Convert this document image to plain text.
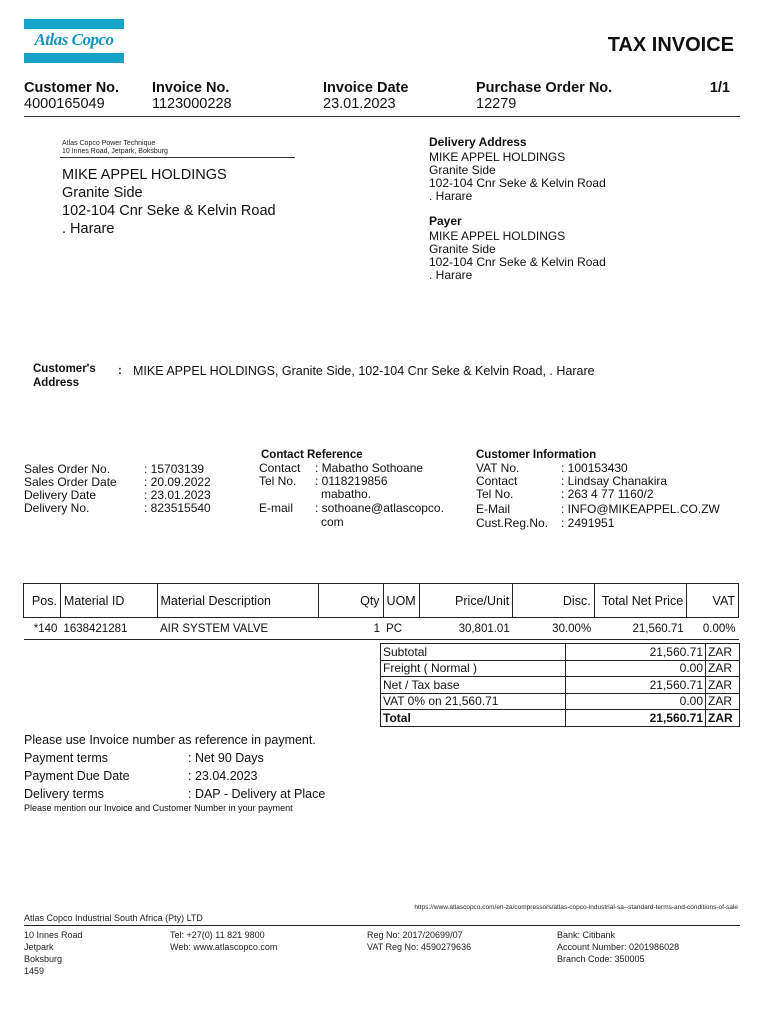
Atlas Copco	TAX INVOICE
1/1
Customer No.
4000165049
Invoice No.
1123000228
Invoice Date
23.01.2023
Purchase Order No.
12279
Atlas Copco Power Technique
10 Innes Road, Jetpark, Boksburg
MIKE APPEL HOLDINGS
Granite Side
102-104 Cnr Seke & Kelvin Road
. Harare
Delivery Address
MIKE APPEL HOLDINGS
Granite Side
102-104 Cnr Seke & Kelvin Road
. Harare
Payer
MIKE APPEL HOLDINGS
Granite Side
102-104 Cnr Seke & Kelvin Road
. Harare
Customer's
Address
: MIKE APPEL HOLDINGS, Granite Side, 102-104 Cnr Seke & Kelvin Road, . Harare
Sales Order No.	: 15703139
Sales Order Date : 20.09.2022
Delivery Date	: 23.01.2023
Delivery No.	: 823515540
Contact Reference
Contact : Mabatho Sothoane
Tel No. : 0118219856
mabatho.
E-mail : sothoane@atlascopco.
com
Customer Information
VAT No.	: 100153430
Contact	: Lindsay Chanakira
Tel No.	: 263 4 77 1160/2
E-Mail	: INFO@MIKEAPPEL.CO.ZW
Cust.Reg.No. : 2491951
Pos.	Material ID	Material Description	Qty	UOM	Price/Unit	Disc.	Total Net Price	VAT
*140	1638421281	AIR SYSTEM VALVE	1	PC	30,801.01	30.00%	21,560.71	0.00%
Subtotal	21,560.71	ZAR
Freight ( Normal )	0.00	ZAR
Net / Tax base	21,560.71	ZAR
VAT 0% on 21,560.71	0.00	ZAR
Total	21,560.71	ZAR
Please use Invoice number as reference in payment.
Payment terms	: Net 90 Days
Payment Due Date	: 23.04.2023
Delivery terms	: DAP - Delivery at Place
Please mention our Invoice and Customer Number in your payment
https://www.atlascopco.com/en-za/compressors/atlas-copco-industrial-sa--standard-terms-and-conditions-of-sale
Atlas Copco Industrial South Africa (Pty) LTD
10 Innes Road
Jetpark
Boksburg
1459
Tel: +27(0) 11 821 9800
Web: www.atlascopco.com
Reg No: 2017/20699/07
VAT Reg No: 4590279636
Bank: Citibank
Account Number: 0201986028
Branch Code: 350005
